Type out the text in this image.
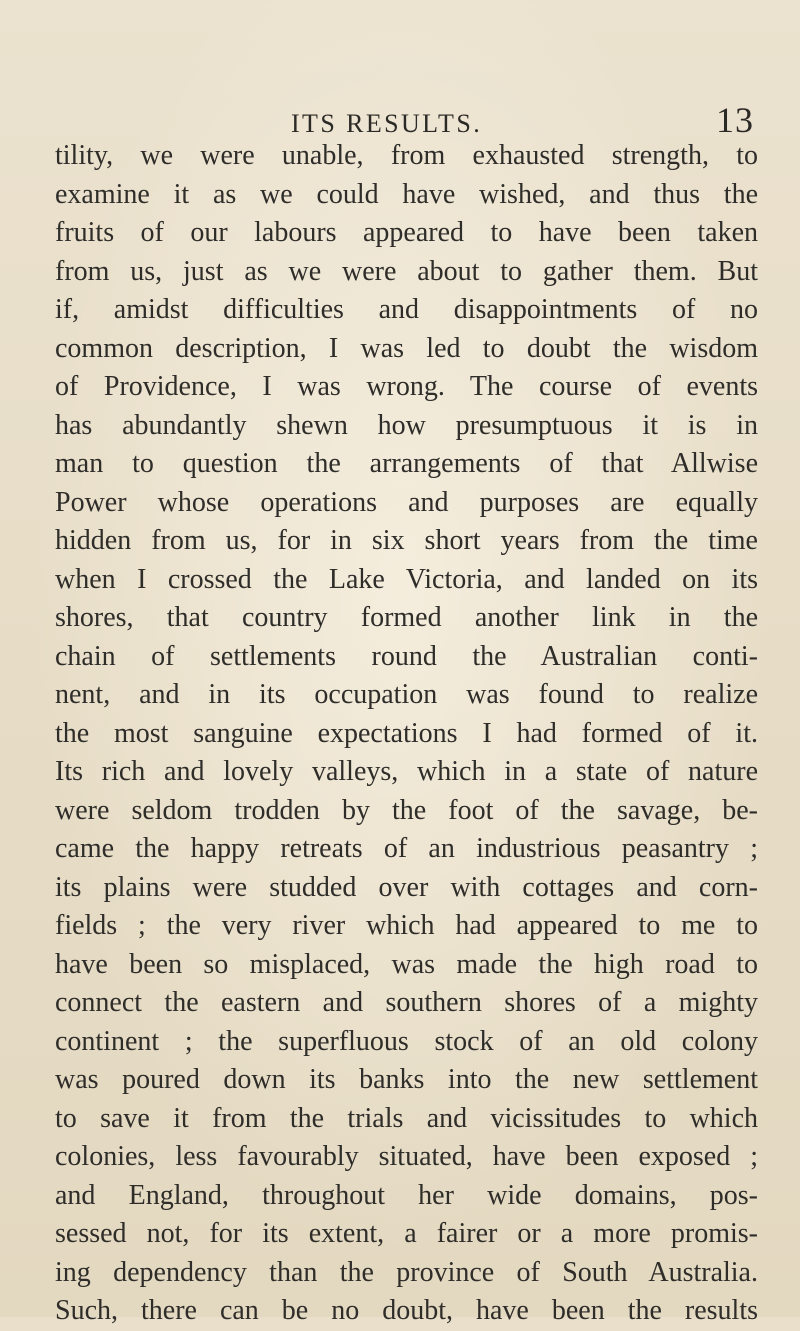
ITS RESULTS.	13
tility, we were unable, from exhausted strength, to
examine it as we could have wished, and thus the
fruits of our labours appeared to have been taken
from us, just as we were about to gather them. But
if, amidst difficulties and disappointments of no
common description, I was led to doubt the wisdom
of Providence, I was wrong. The course of events
has abundantly shewn how presumptuous it is in
man to question the arrangements of that Allwise
Power whose operations and purposes are equally
hidden from us, for in six short years from the time
when I crossed the Lake Victoria, and landed on its
shores, that country formed another link in the
chain of settlements round the Australian conti-
nent, and in its occupation was found to realize
the most sanguine expectations I had formed of it.
Its rich and lovely valleys, which in a state of nature
were seldom trodden by the foot of the savage, be-
came the happy retreats of an industrious peasantry ;
its plains were studded over with cottages and corn-
fields ; the very river which had appeared to me to
have been so misplaced, was made the high road to
connect the eastern and southern shores of a mighty
continent ; the superfluous stock of an old colony
was poured down its banks into the new settlement
to save it from the trials and vicissitudes to which
colonies, less favourably situated, have been exposed ;
and England, throughout her wide domains, pos-
sessed not, for its extent, a fairer or a more promis-
ing dependency than the province of South Australia.
Such, there can be no doubt, have been the results
